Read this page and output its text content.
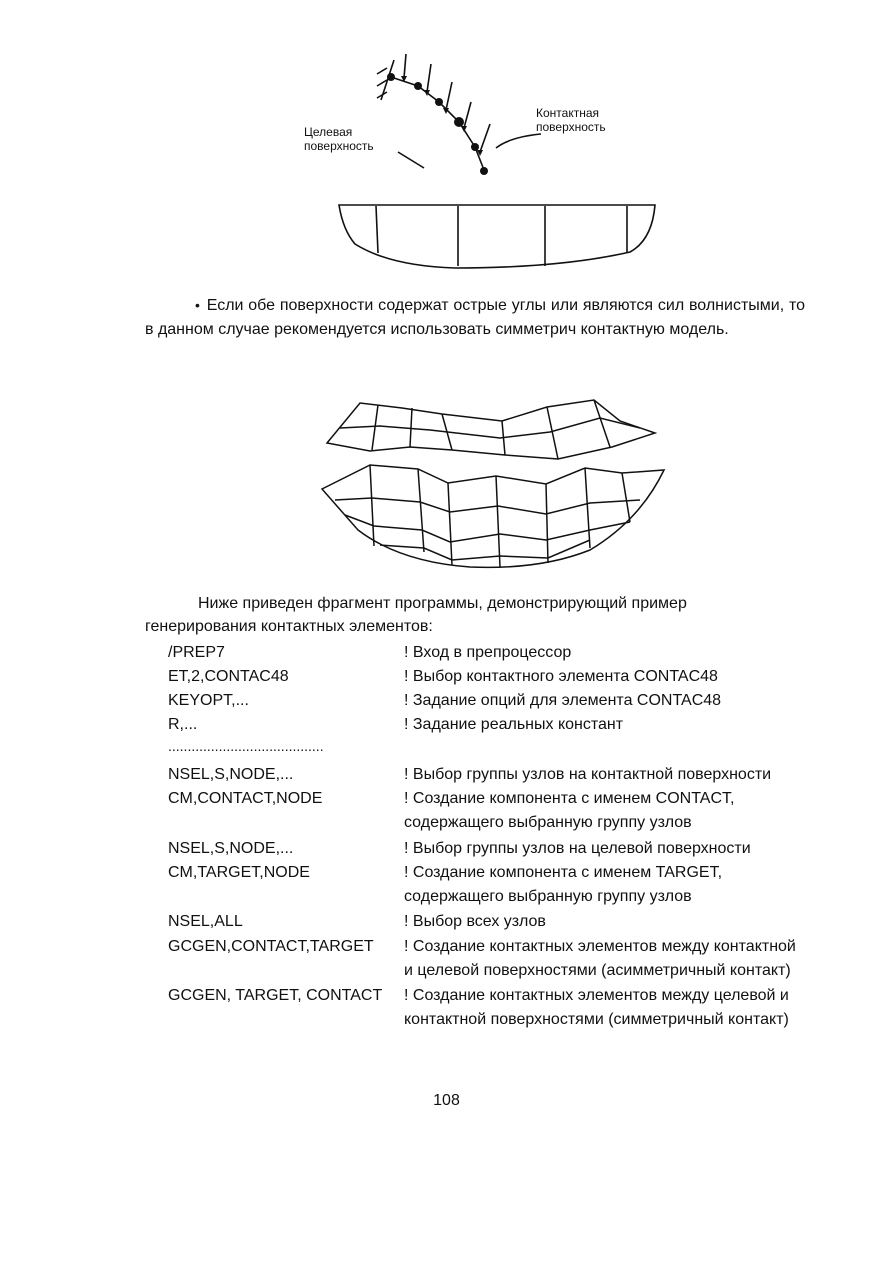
Контактная
поверхность
Целевая
поверхность

• Если обе поверхности содержат острые углы или являются сил волнистыми, то в данном случае рекомендуется использовать симметрич контактную модель.

Ниже приведен фрагмент программы, демонстрирующий пример
генерирования контактных элементов:
/PREP7	! Вход в препроцессор
ET,2,CONTAC48	! Выбор контактного элемента CONTAC48
KEYOPT,...	! Задание опций для элемента CONTAC48
R,...	! Задание реальных констант
........................................
NSEL,S,NODE,...	! Выбор группы узлов на контактной поверхности
CM,CONTACT,NODE	! Создание компонента с именем CONTACT,
содержащего выбранную группу узлов
NSEL,S,NODE,...	! Выбор группы узлов на целевой поверхности
CM,TARGET,NODE	! Создание компонента с именем TARGET,
содержащего выбранную группу узлов
NSEL,ALL	! Выбор всех узлов
GCGEN,CONTACT,TARGET ! Создание контактных элементов между контактной
и целевой поверхностями (асимметричный контакт)
GCGEN, TARGET, CONTACT ! Создание контактных элементов между целевой и
контактной поверхностями (симметричный контакт)
108
